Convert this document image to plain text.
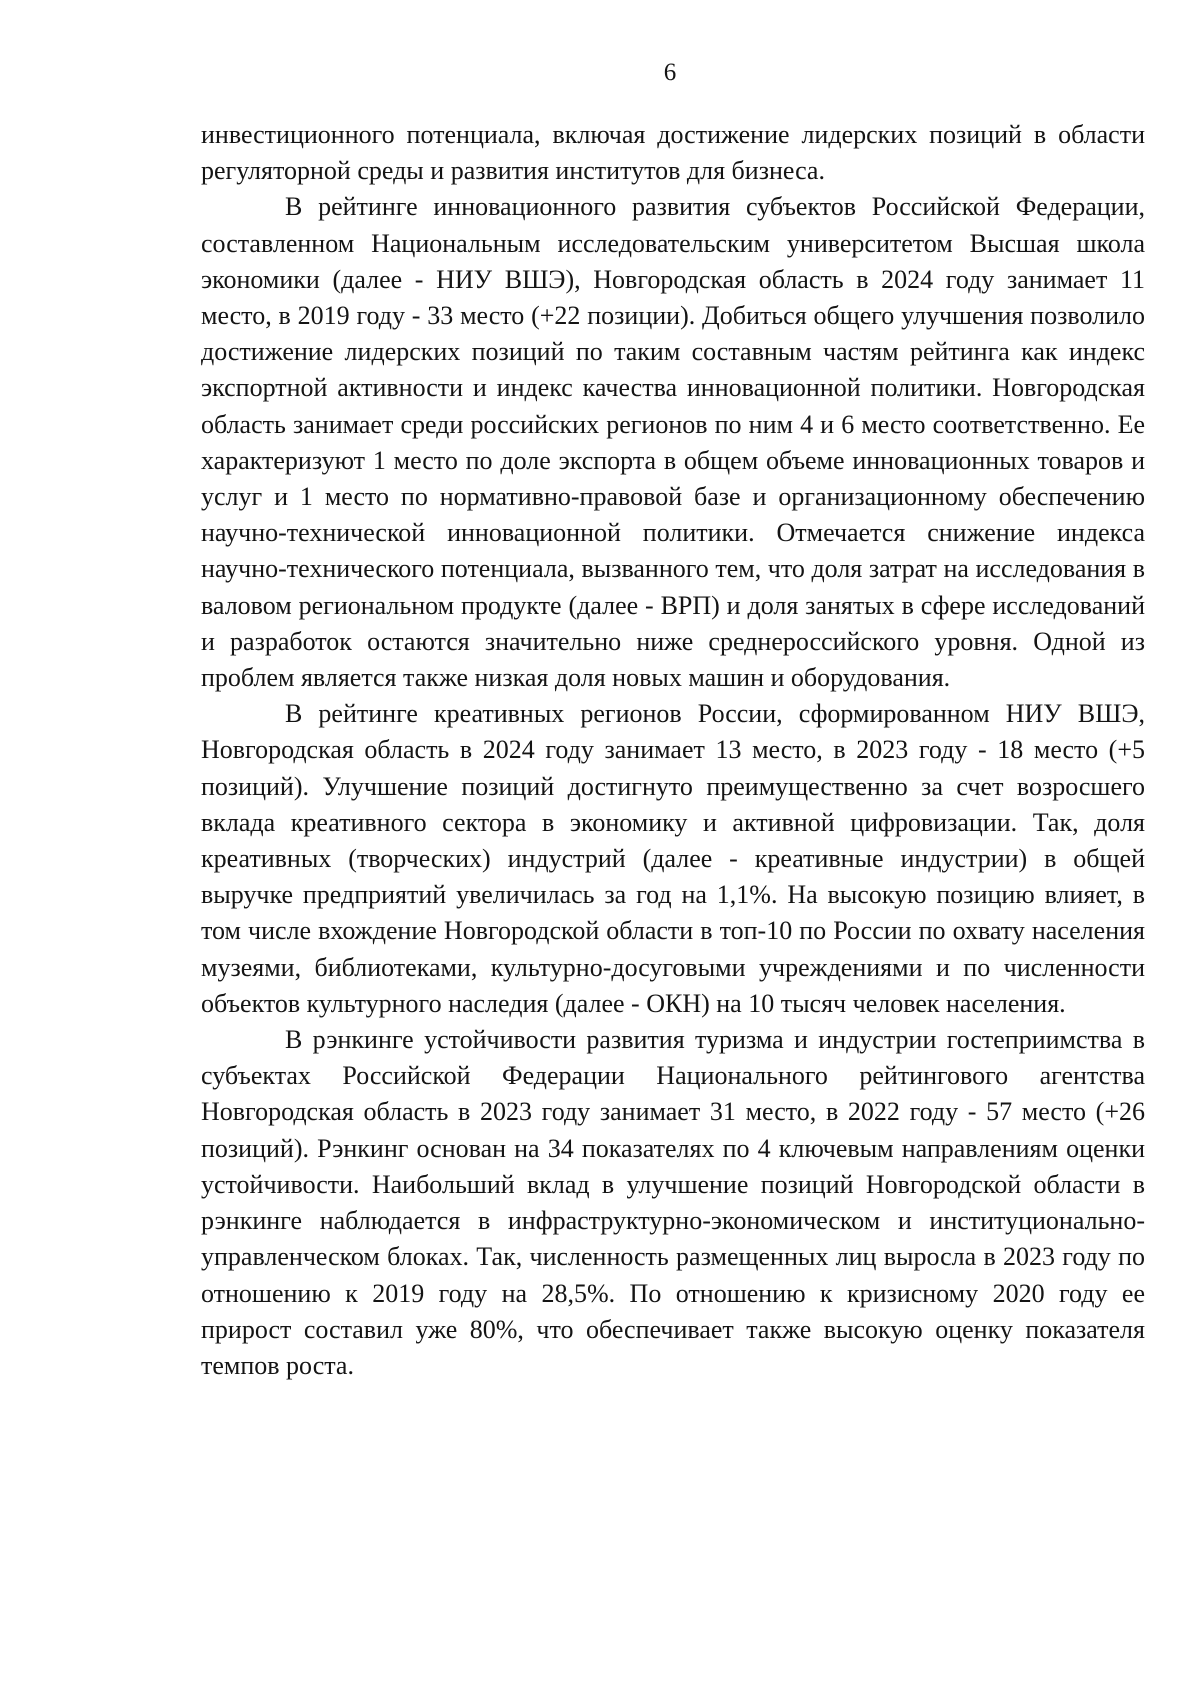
6

инвестиционного потенциала, включая достижение лидерских позиций в области регуляторной среды и развития институтов для бизнеса.

В рейтинге инновационного развития субъектов Российской Федерации, составленном Национальным исследовательским университетом Высшая школа экономики (далее - НИУ ВШЭ), Новгородская область в 2024 году занимает 11 место, в 2019 году - 33 место (+22 позиции). Добиться общего улучшения позволило достижение лидерских позиций по таким составным частям рейтинга как индекс экспортной активности и индекс качества инновационной политики. Новгородская область занимает среди российских регионов по ним 4 и 6 место соответственно. Ее характеризуют 1 место по доле экспорта в общем объеме инновационных товаров и услуг и 1 место по нормативно-правовой базе и организационному обеспечению научно-технической инновационной политики. Отмечается снижение индекса научно-технического потенциала, вызванного тем, что доля затрат на исследования в валовом региональном продукте (далее - ВРП) и доля занятых в сфере исследований и разработок остаются значительно ниже среднероссийского уровня. Одной из проблем является также низкая доля новых машин и оборудования.

В рейтинге креативных регионов России, сформированном НИУ ВШЭ, Новгородская область в 2024 году занимает 13 место, в 2023 году - 18 место (+5 позиций). Улучшение позиций достигнуто преимущественно за счет возросшего вклада креативного сектора в экономику и активной цифровизации. Так, доля креативных (творческих) индустрий (далее - креативные индустрии) в общей выручке предприятий увеличилась за год на 1,1%. На высокую позицию влияет, в том числе вхождение Новгородской области в топ-10 по России по охвату населения музеями, библиотеками, культурно-досуговыми учреждениями и по численности объектов культурного наследия (далее - ОКН) на 10 тысяч человек населения.

В рэнкинге устойчивости развития туризма и индустрии гостеприимства в субъектах Российской Федерации Национального рейтингового агентства Новгородская область в 2023 году занимает 31 место, в 2022 году - 57 место (+26 позиций). Рэнкинг основан на 34 показателях по 4 ключевым направлениям оценки устойчивости. Наибольший вклад в улучшение позиций Новгородской области в рэнкинге наблюдается в инфраструктурно-экономическом и институционально-управленческом блоках. Так, численность размещенных лиц выросла в 2023 году по отношению к 2019 году на 28,5%. По отношению к кризисному 2020 году ее прирост составил уже 80%, что обеспечивает также высокую оценку показателя темпов роста.
